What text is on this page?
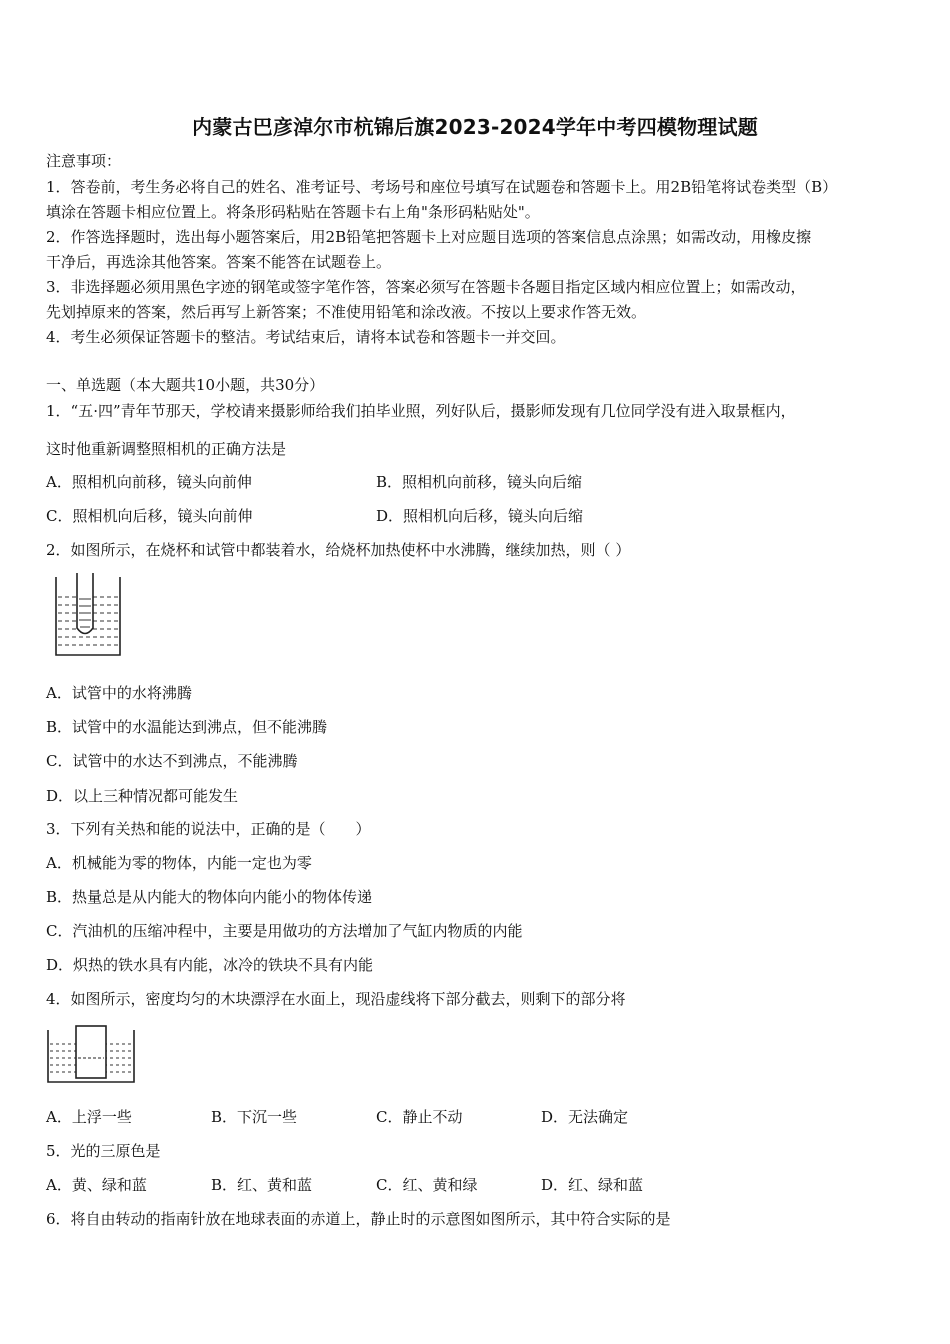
内蒙古巴彦淖尔市杭锦后旗2023-2024学年中考四模物理试题
注意事项：
1．答卷前，考生务必将自己的姓名、准考证号、考场号和座位号填写在试题卷和答题卡上。用2B铅笔将试卷类型（B）
填涂在答题卡相应位置上。将条形码粘贴在答题卡右上角"条形码粘贴处"。
2．作答选择题时，选出每小题答案后，用2B铅笔把答题卡上对应题目选项的答案信息点涂黑；如需改动，用橡皮擦
干净后，再选涂其他答案。答案不能答在试题卷上。
3．非选择题必须用黑色字迹的钢笔或签字笔作答，答案必须写在答题卡各题目指定区域内相应位置上；如需改动，
先划掉原来的答案，然后再写上新答案；不准使用铅笔和涂改液。不按以上要求作答无效。
4．考生必须保证答题卡的整洁。考试结束后，请将本试卷和答题卡一并交回。
一、单选题（本大题共10小题，共30分）
1．“五·四”青年节那天，学校请来摄影师给我们拍毕业照，列好队后，摄影师发现有几位同学没有进入取景框内，
这时他重新调整照相机的正确方法是
A．照相机向前移，镜头向前伸	B．照相机向前移，镜头向后缩
C．照相机向后移，镜头向前伸	D．照相机向后移，镜头向后缩
2．如图所示，在烧杯和试管中都装着水，给烧杯加热使杯中水沸腾，继续加热，则（ ）
A．试管中的水将沸腾
B．试管中的水温能达到沸点，但不能沸腾
C．试管中的水达不到沸点，不能沸腾
D．以上三种情况都可能发生
3．下列有关热和能的说法中，正确的是（　　）
A．机械能为零的物体，内能一定也为零
B．热量总是从内能大的物体向内能小的物体传递
C．汽油机的压缩冲程中，主要是用做功的方法增加了气缸内物质的内能
D．炽热的铁水具有内能，冰冷的铁块不具有内能
4．如图所示，密度均匀的木块漂浮在水面上，现沿虚线将下部分截去，则剩下的部分将
A．上浮一些	B．下沉一些	C．静止不动	D．无法确定
5．光的三原色是
A．黄、绿和蓝	B．红、黄和蓝	C．红、黄和绿	D．红、绿和蓝
6．将自由转动的指南针放在地球表面的赤道上，静止时的示意图如图所示，其中符合实际的是
